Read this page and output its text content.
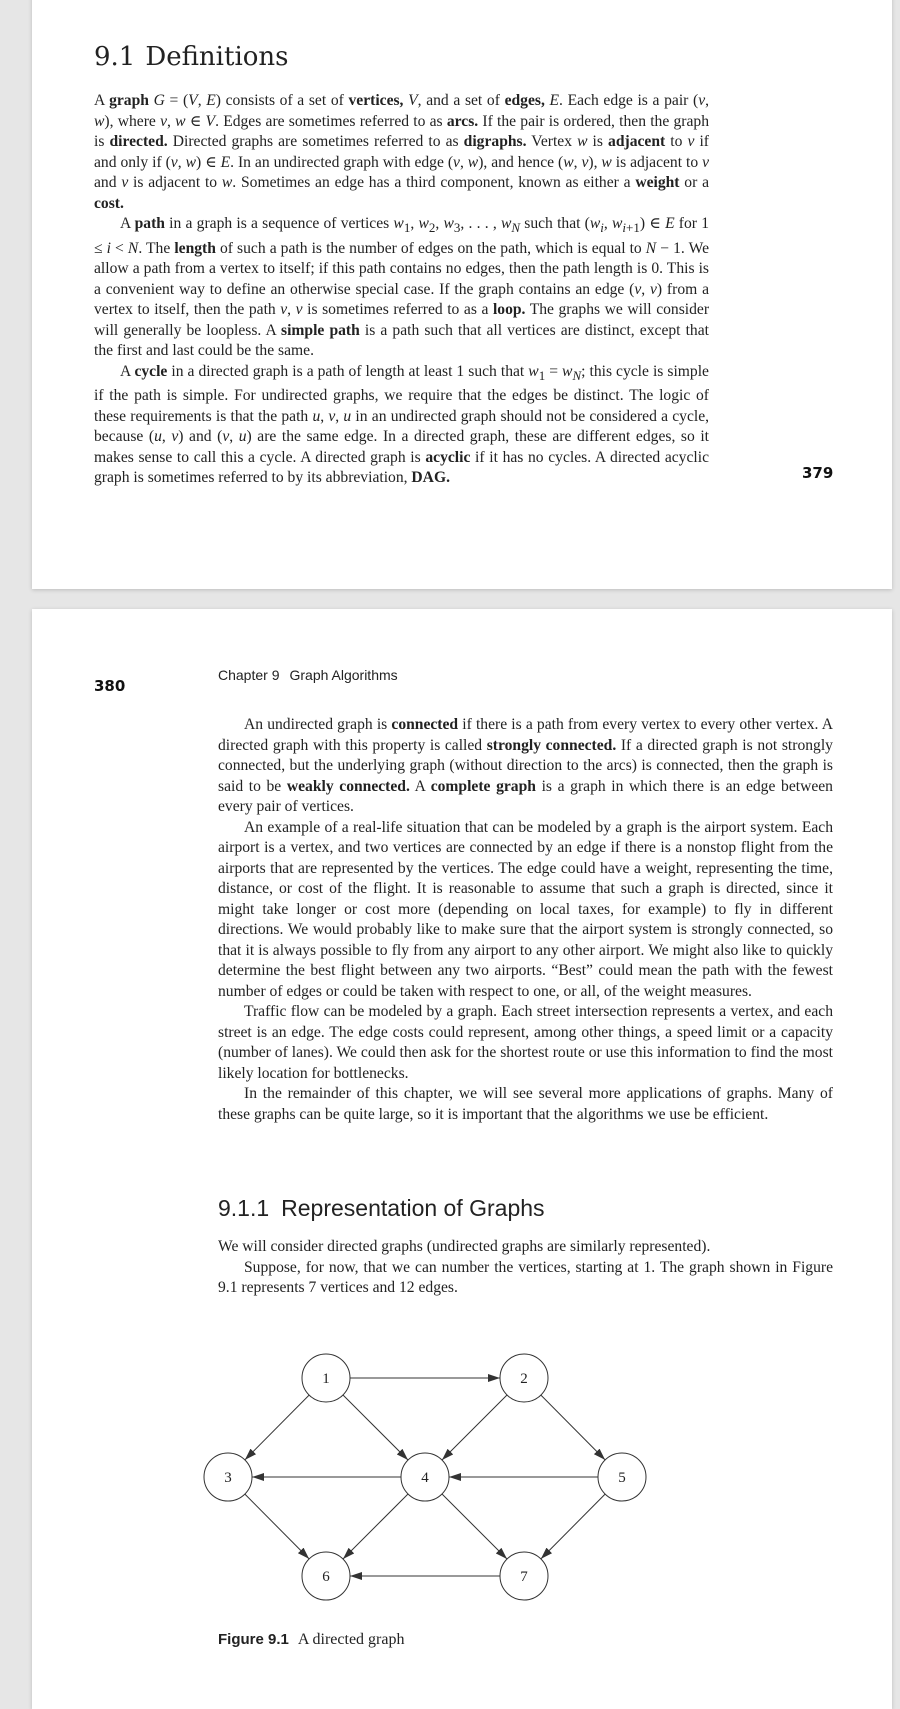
9.1 Definitions

A graph G = (V, E) consists of a set of vertices, V, and a set of edges, E. Each edge is a pair (v, w), where v, w ∈ V. Edges are sometimes referred to as arcs. If the pair is ordered, then the graph is directed. Directed graphs are sometimes referred to as digraphs. Vertex w is adjacent to v if and only if (v, w) ∈ E. In an undirected graph with edge (v, w), and hence (w, v), w is adjacent to v and v is adjacent to w. Sometimes an edge has a third component, known as either a weight or a cost.

A path in a graph is a sequence of vertices $w_1$, $w_2$, $w_3$, . . . , $w_N$ such that ($w_i$, $w_{i+1}$) ∈ E for 1 ≤ i < N. The length of such a path is the number of edges on the path, which is equal to N − 1. We allow a path from a vertex to itself; if this path contains no edges, then the path length is 0. This is a convenient way to define an otherwise special case. If the graph contains an edge (v, v) from a vertex to itself, then the path v, v is sometimes referred to as a loop. The graphs we will consider will generally be loopless. A simple path is a path such that all vertices are distinct, except that the first and last could be the same.

A cycle in a directed graph is a path of length at least 1 such that $w_1 = w_N$; this cycle is simple if the path is simple. For undirected graphs, we require that the edges be distinct. The logic of these requirements is that the path u, v, u in an undirected graph should not be considered a cycle, because (u, v) and (v, u) are the same edge. In a directed graph, these are different edges, so it makes sense to call this a cycle. A directed graph is acyclic if it has no cycles. A directed acyclic graph is sometimes referred to by its abbreviation, DAG.	379
380
Chapter 9 Graph Algorithms

An undirected graph is connected if there is a path from every vertex to every other vertex. A directed graph with this property is called strongly connected. If a directed graph is not strongly connected, but the underlying graph (without direction to the arcs) is connected, then the graph is said to be weakly connected. A complete graph is a graph in which there is an edge between every pair of vertices.

An example of a real-life situation that can be modeled by a graph is the airport system. Each airport is a vertex, and two vertices are connected by an edge if there is a nonstop flight from the airports that are represented by the vertices. The edge could have a weight, representing the time, distance, or cost of the flight. It is reasonable to assume that such a graph is directed, since it might take longer or cost more (depending on local taxes, for example) to fly in different directions. We would probably like to make sure that the airport system is strongly connected, so that it is always possible to fly from any airport to any other airport. We might also like to quickly determine the best flight between any two airports. “Best” could mean the path with the fewest number of edges or could be taken with respect to one, or all, of the weight measures.

Traffic flow can be modeled by a graph. Each street intersection represents a vertex, and each street is an edge. The edge costs could represent, among other things, a speed limit or a capacity (number of lanes). We could then ask for the shortest route or use this information to find the most likely location for bottlenecks.

In the remainder of this chapter, we will see several more applications of graphs. Many of these graphs can be quite large, so it is important that the algorithms we use be efficient.

9.1.1 Representation of Graphs

We will consider directed graphs (undirected graphs are similarly represented).

Suppose, for now, that we can number the vertices, starting at 1. The graph shown in Figure 9.1 represents 7 vertices and 12 edges.

1	2
3	4	5
6	7
Figure 9.1 A directed graph
